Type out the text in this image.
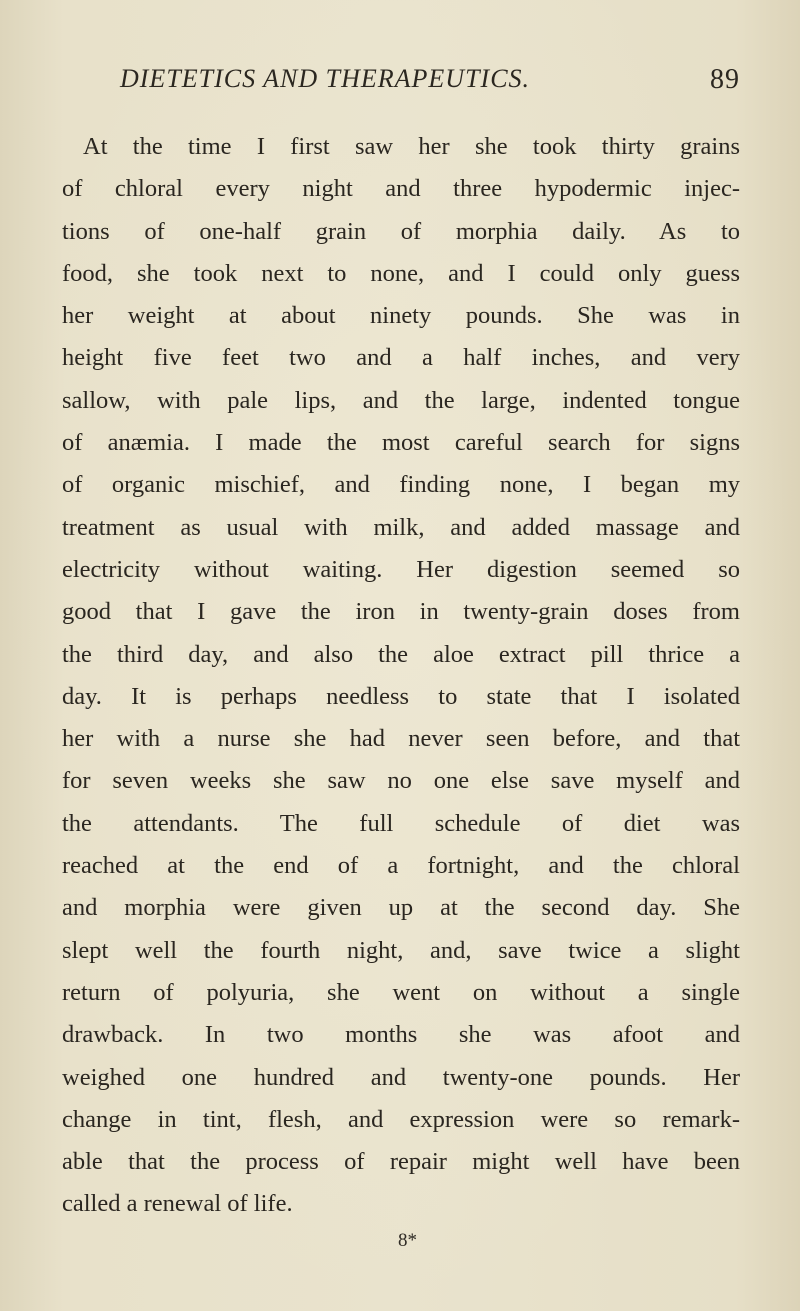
DIETETICS AND THERAPEUTICS.	89
At the time I first saw her she took thirty grains
of chloral every night and three hypodermic injec-
tions of one-half grain of morphia daily. As to
food, she took next to none, and I could only guess
her weight at about ninety pounds. She was in
height five feet two and a half inches, and very
sallow, with pale lips, and the large, indented tongue
of anæmia. I made the most careful search for signs
of organic mischief, and finding none, I began my
treatment as usual with milk, and added massage and
electricity without waiting. Her digestion seemed so
good that I gave the iron in twenty-grain doses from
the third day, and also the aloe extract pill thrice a
day. It is perhaps needless to state that I isolated
her with a nurse she had never seen before, and that
for seven weeks she saw no one else save myself and
the attendants. The full schedule of diet was
reached at the end of a fortnight, and the chloral
and morphia were given up at the second day. She
slept well the fourth night, and, save twice a slight
return of polyuria, she went on without a single
drawback. In two months she was afoot and
weighed one hundred and twenty-one pounds. Her
change in tint, flesh, and expression were so remark-
able that the process of repair might well have been
called a renewal of life.
8*
